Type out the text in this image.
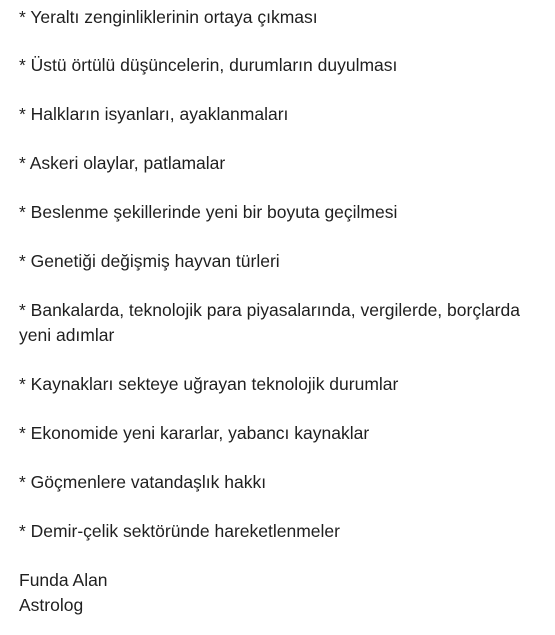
* Yeraltı zenginliklerinin ortaya çıkması
* Üstü örtülü düşüncelerin, durumların duyulması
* Halkların isyanları, ayaklanmaları
* Askeri olaylar, patlamalar
* Beslenme şekillerinde yeni bir boyuta geçilmesi
* Genetiği değişmiş hayvan türleri
* Bankalarda, teknolojik para piyasalarında, vergilerde, borçlarda yeni adımlar
* Kaynakları sekteye uğrayan teknolojik durumlar
* Ekonomide yeni kararlar, yabancı kaynaklar
* Göçmenlere vatandaşlık hakkı
* Demir-çelik sektöründe hareketlenmeler
Funda Alan
Astrolog
